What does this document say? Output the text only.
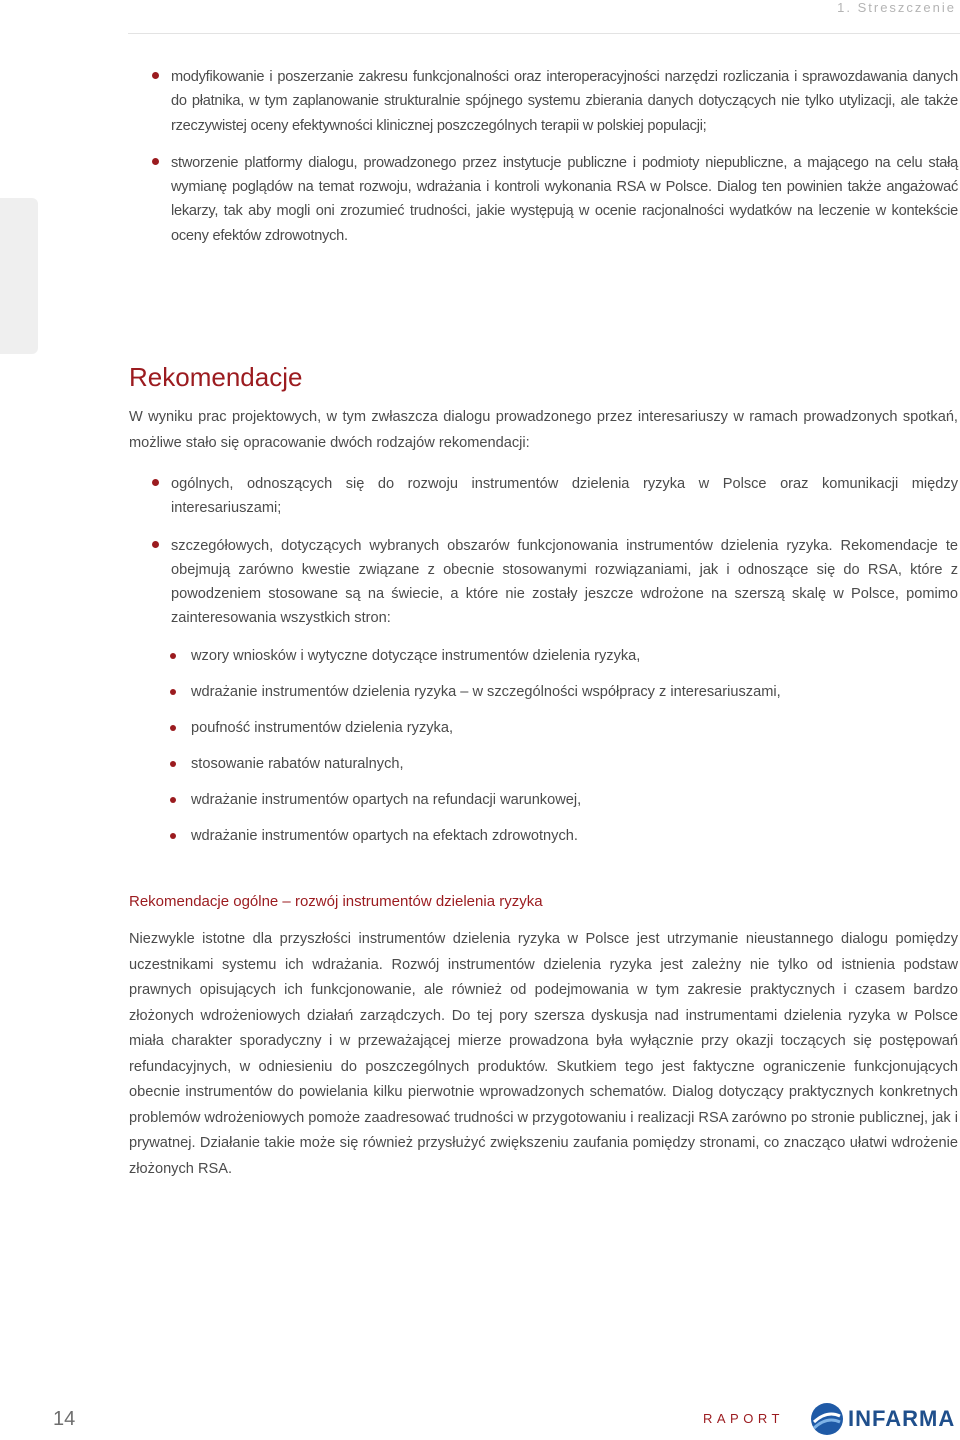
1. Streszczenie
modyfikowanie i poszerzanie zakresu funkcjonalności oraz interoperacyjności narzędzi rozliczania i sprawozdawania danych do płatnika, w tym zaplanowanie strukturalnie spójnego systemu zbierania danych dotyczących nie tylko utylizacji, ale także rzeczywistej oceny efektywności klinicznej poszczególnych terapii w polskiej populacji;
stworzenie platformy dialogu, prowadzonego przez instytucje publiczne i podmioty niepubliczne, a mającego na celu stałą wymianę poglądów na temat rozwoju, wdrażania i kontroli wykonania RSA w Polsce. Dialog ten powinien także angażować lekarzy, tak aby mogli oni zrozumieć trudności, jakie występują w ocenie racjonalności wydatków na leczenie w kontekście oceny efektów zdrowotnych.
Rekomendacje

W wyniku prac projektowych, w tym zwłaszcza dialogu prowadzonego przez interesariuszy w ramach prowadzonych spotkań, możliwe stało się opracowanie dwóch rodzajów rekomendacji:

ogólnych, odnoszących się do rozwoju instrumentów dzielenia ryzyka w Polsce oraz komunikacji między interesariuszami;
szczegółowych, dotyczących wybranych obszarów funkcjonowania instrumentów dzielenia ryzyka. Rekomendacje te obejmują zarówno kwestie związane z obecnie stosowanymi rozwiązaniami, jak i odnoszące się do RSA, które z powodzeniem stosowane są na świecie, a które nie zostały jeszcze wdrożone na szerszą skalę w Polsce, pomimo zainteresowania wszystkich stron:
wzory wniosków i wytyczne dotyczące instrumentów dzielenia ryzyka,
wdrażanie instrumentów dzielenia ryzyka – w szczególności współpracy z interesariuszami,
poufność instrumentów dzielenia ryzyka,
stosowanie rabatów naturalnych,
wdrażanie instrumentów opartych na refundacji warunkowej,
wdrażanie instrumentów opartych na efektach zdrowotnych.
Rekomendacje ogólne – rozwój instrumentów dzielenia ryzyka

Niezwykle istotne dla przyszłości instrumentów dzielenia ryzyka w Polsce jest utrzymanie nieustannego dialogu pomiędzy uczestnikami systemu ich wdrażania. Rozwój instrumentów dzielenia ryzyka jest zależny nie tylko od istnienia podstaw prawnych opisujących ich funkcjonowanie, ale również od podejmowania w tym zakresie praktycznych i czasem bardzo złożonych wdrożeniowych działań zarządczych. Do tej pory szersza dyskusja nad instrumentami dzielenia ryzyka w Polsce miała charakter sporadyczny i w przeważającej mierze prowadzona była wyłącznie przy okazji toczących się postępowań refundacyjnych, w odniesieniu do poszczególnych produktów. Skutkiem tego jest faktyczne ograniczenie funkcjonujących obecnie instrumentów do powielania kilku pierwotnie wprowadzonych schematów. Dialog dotyczący praktycznych konkretnych problemów wdrożeniowych pomoże zaadresować trudności w przygotowaniu i realizacji RSA zarówno po stronie publicznej, jak i prywatnej. Działanie takie może się również przysłużyć zwiększeniu zaufania pomiędzy stronami, co znacząco ułatwi wdrożenie złożonych RSA.

14	RAPORT	INFARMA
